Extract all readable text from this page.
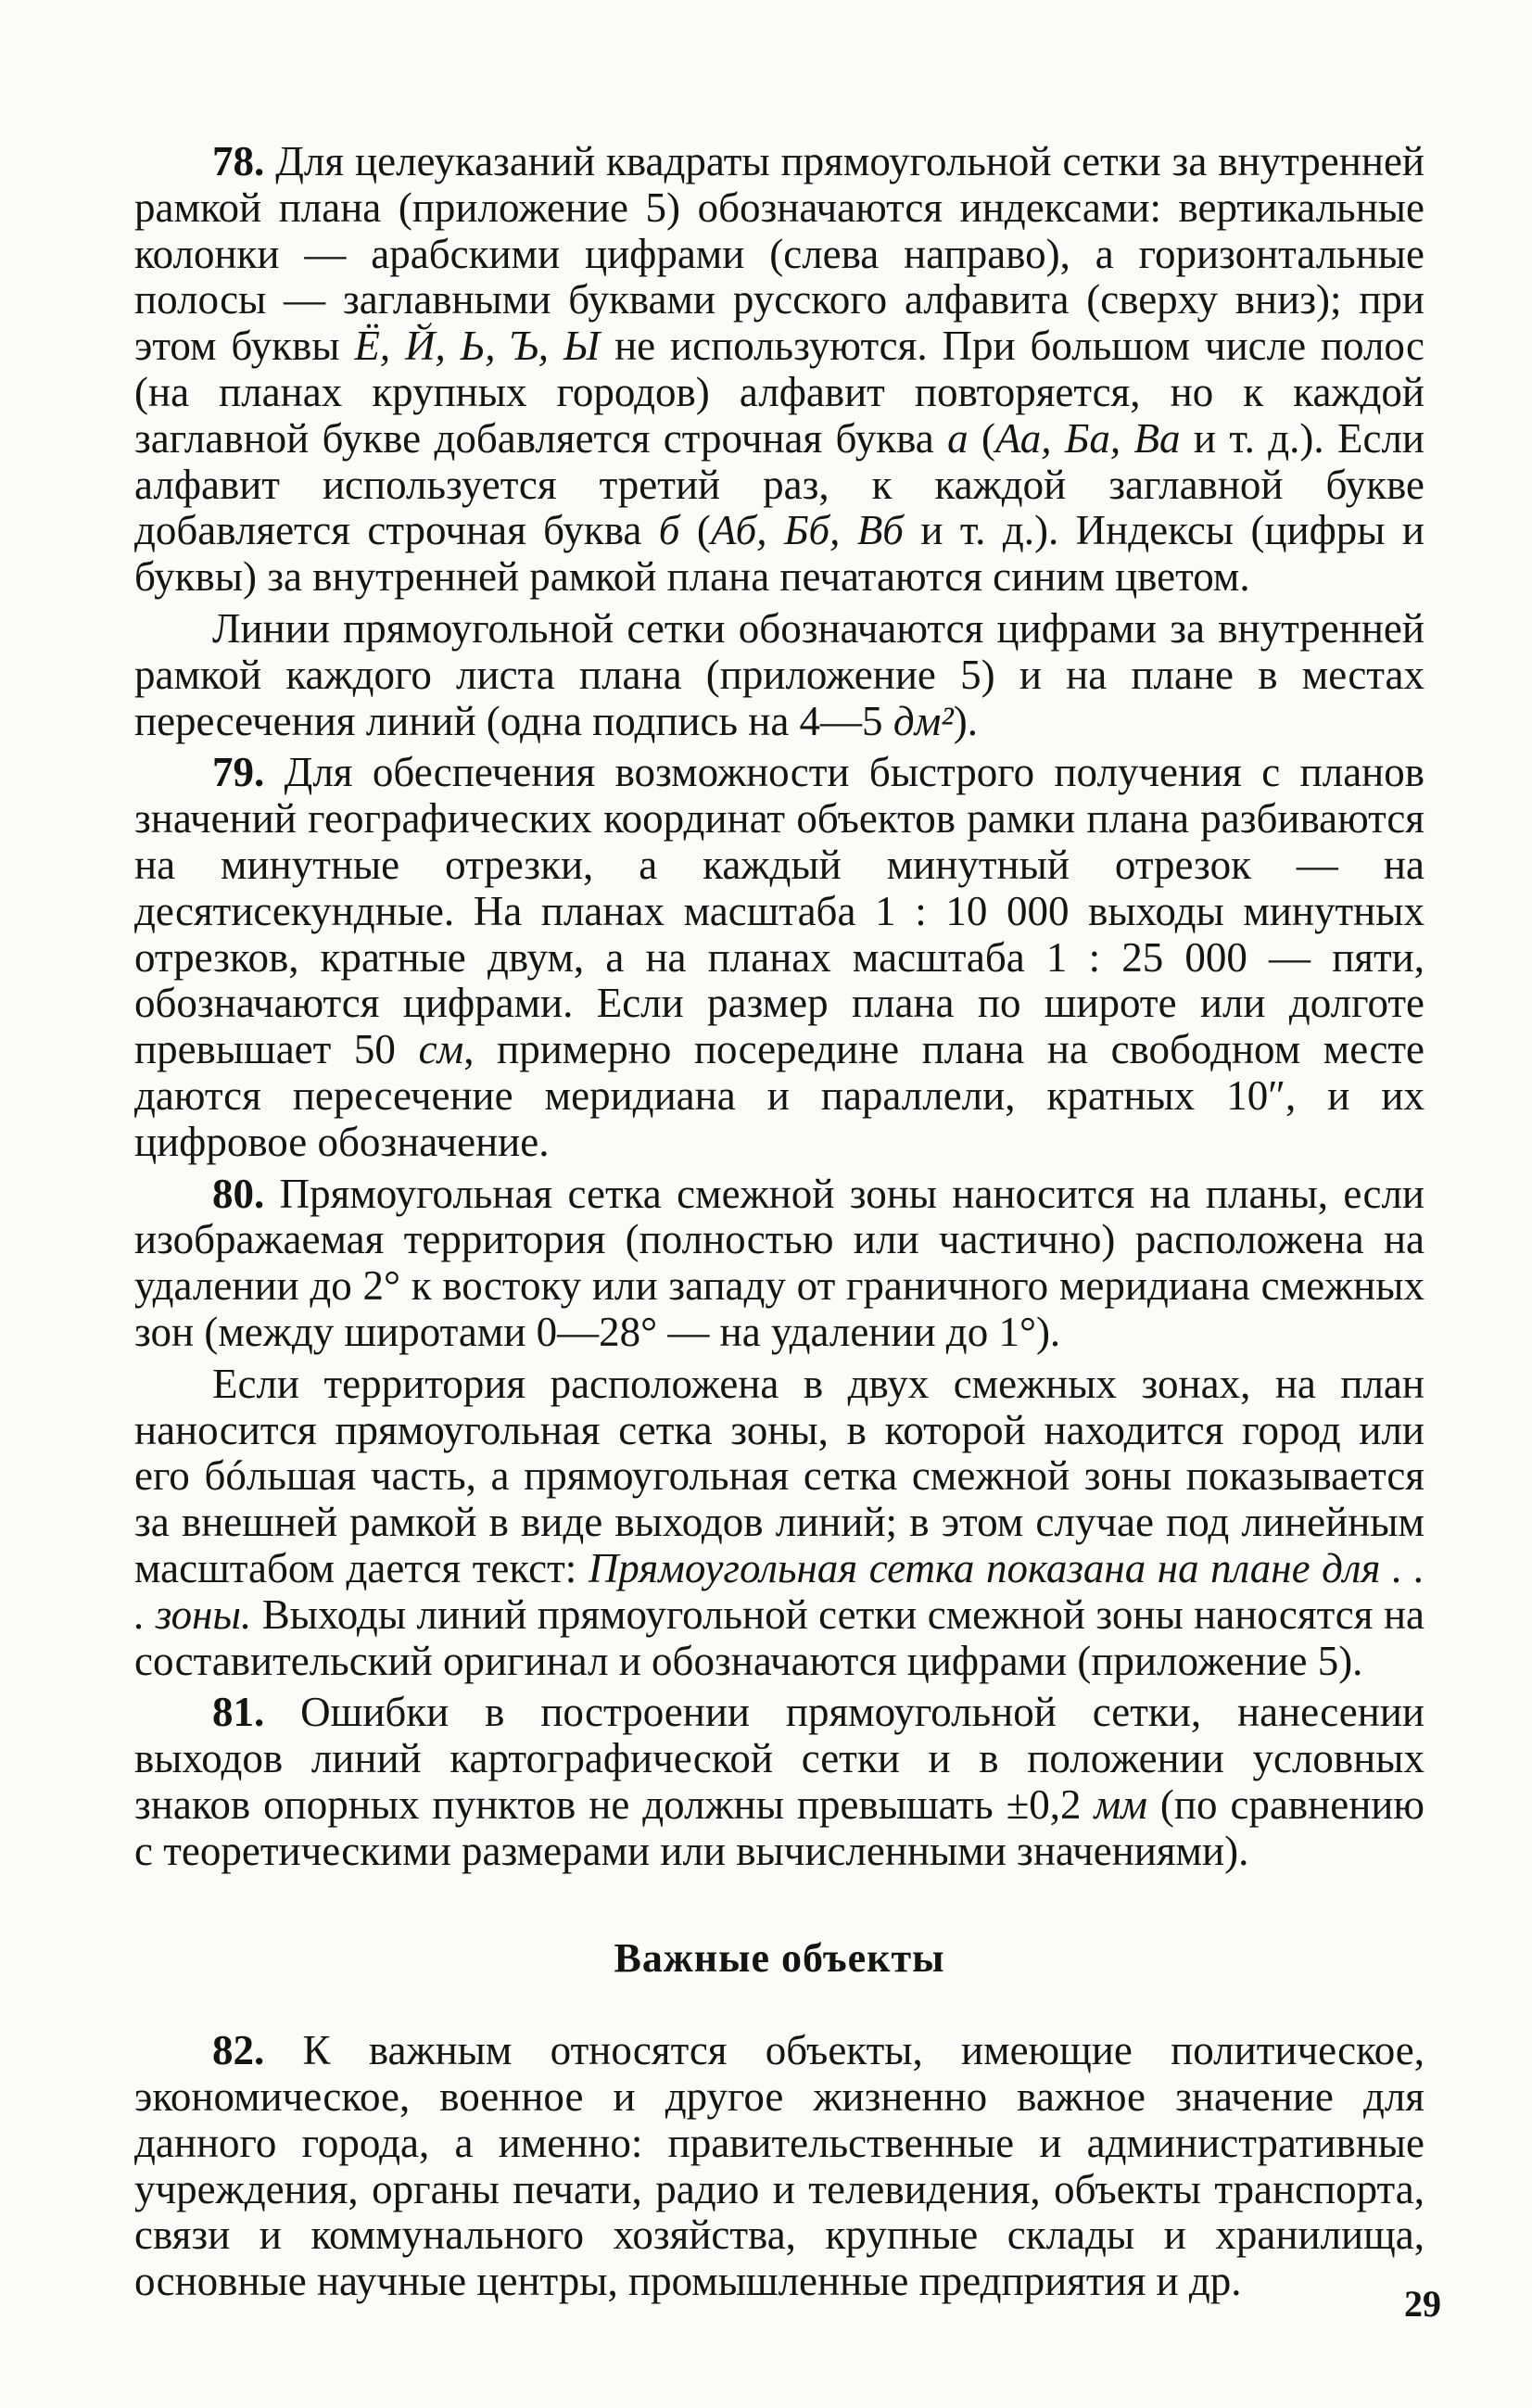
78. Для целеуказаний квадраты прямоугольной сетки за внутренней рамкой плана (приложение 5) обозначаются индексами: вертикальные колонки — арабскими цифрами (слева направо), а горизонтальные полосы — заглавными буквами русского алфавита (сверху вниз); при этом буквы Ё, Й, Ь, Ъ, Ы не используются. При большом числе полос (на планах крупных городов) алфавит повторяется, но к каждой заглавной букве добавляется строчная буква а (Аа, Ба, Ва и т. д.). Если алфавит используется третий раз, к каждой заглавной букве добавляется строчная буква б (Аб, Бб, Вб и т. д.). Индексы (цифры и буквы) за внутренней рамкой плана печатаются синим цветом.

Линии прямоугольной сетки обозначаются цифрами за внутренней рамкой каждого листа плана (приложение 5) и на плане в местах пересечения линий (одна подпись на 4—5 дм²).

79. Для обеспечения возможности быстрого получения с планов значений географических координат объектов рамки плана разбиваются на минутные отрезки, а каждый минутный отрезок — на десятисекундные. На планах масштаба 1 : 10 000 выходы минутных отрезков, кратные двум, а на планах масштаба 1 : 25 000 — пяти, обозначаются цифрами. Если размер плана по широте или долготе превышает 50 см, примерно посередине плана на свободном месте даются пересечение меридиана и параллели, кратных 10″, и их цифровое обозначение.

80. Прямоугольная сетка смежной зоны наносится на планы, если изображаемая территория (полностью или частично) расположена на удалении до 2° к востоку или западу от граничного меридиана смежных зон (между широтами 0—28° — на удалении до 1°).

Если территория расположена в двух смежных зонах, на план наносится прямоугольная сетка зоны, в которой находится город или его бóльшая часть, а прямоугольная сетка смежной зоны показывается за внешней рамкой в виде выходов линий; в этом случае под линейным масштабом дается текст: Прямоугольная сетка показана на плане для . . . зоны. Выходы линий прямоугольной сетки смежной зоны наносятся на составительский оригинал и обозначаются цифрами (приложение 5).

81. Ошибки в построении прямоугольной сетки, нанесении выходов линий картографической сетки и в положении условных знаков опорных пунктов не должны превышать ±0,2 мм (по сравнению с теоретическими размерами или вычисленными значениями).

Важные объекты

82. К важным относятся объекты, имеющие политическое, экономическое, военное и другое жизненно важное значение для данного города, а именно: правительственные и административные учреждения, органы печати, радио и телевидения, объекты транспорта, связи и коммунального хозяйства, крупные склады и хранилища, основные научные центры, промышленные предприятия и др.	29
